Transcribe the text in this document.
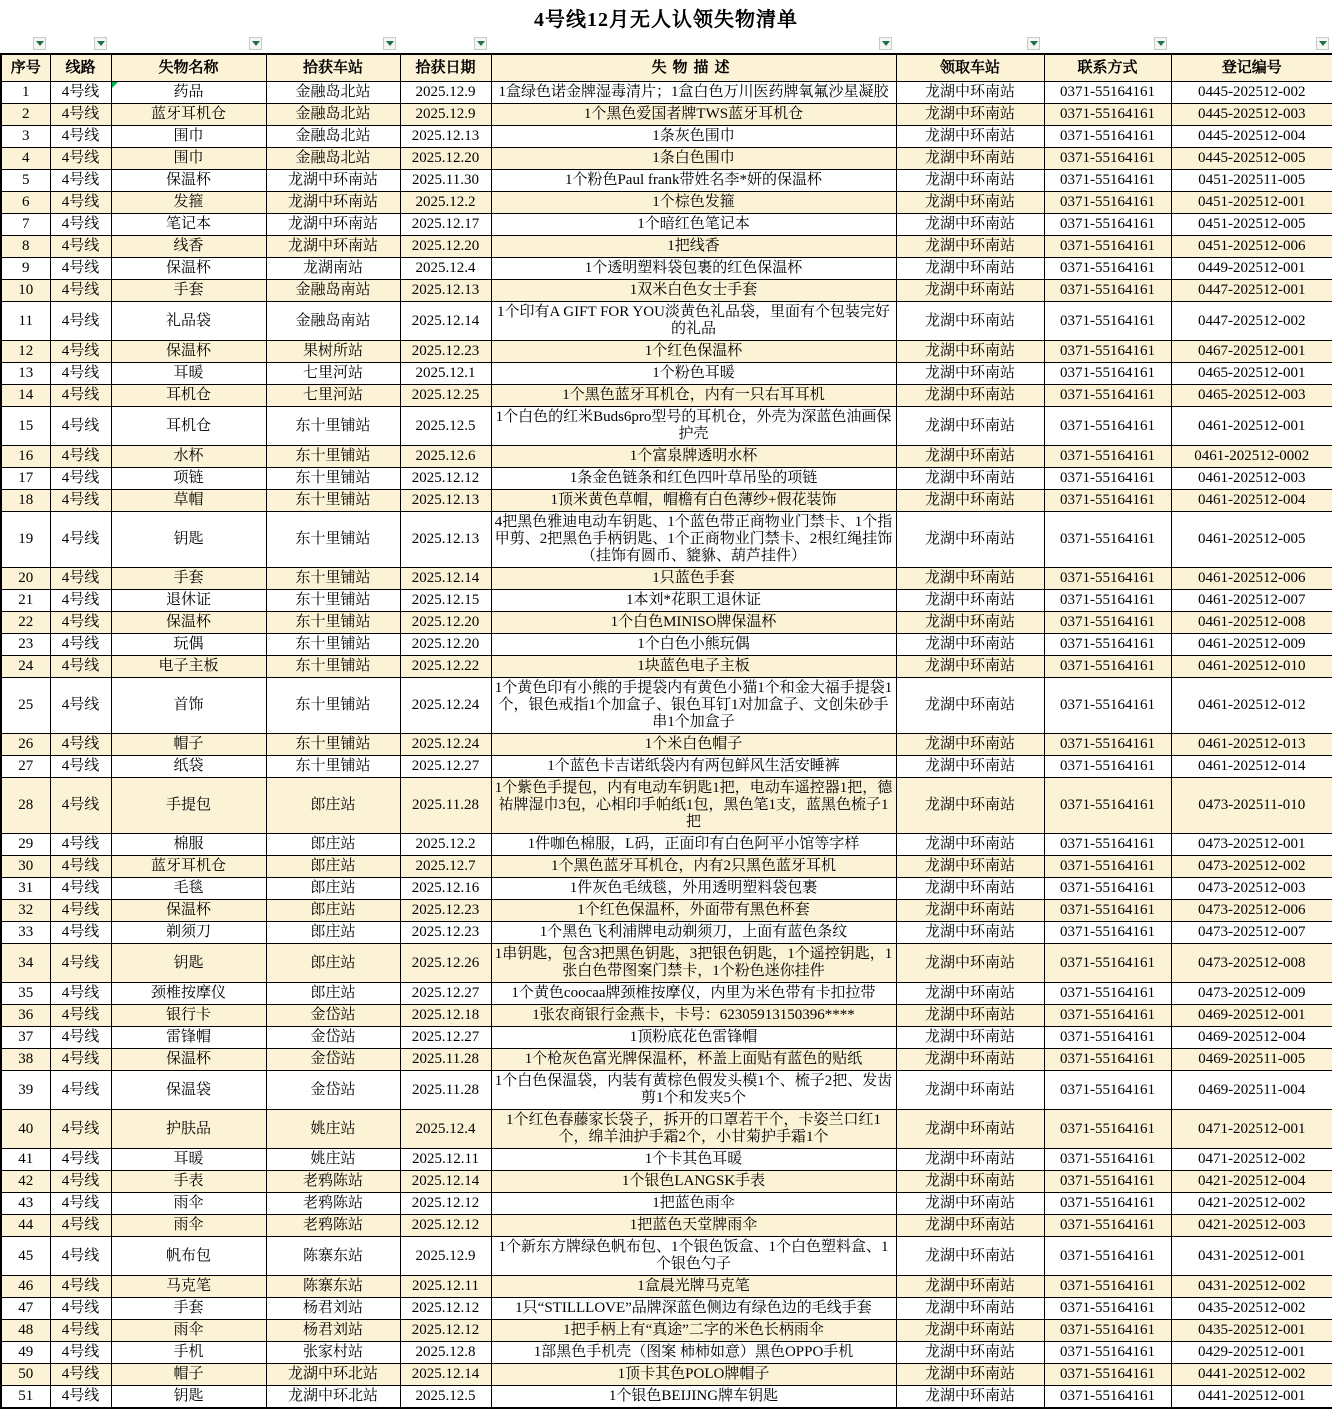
4号线12月无人认领失物清单
序号	线路	失物名称	拾获车站	拾获日期	失物描述	领取车站	联系方式	登记编号
1	4号线	药品	金融岛北站	2025.12.9	1盒绿色诺金牌湿毒清片；1盒白色万川医药牌氧氟沙星凝胶	龙湖中环南站	0371-55164161	0445-202512-002
2	4号线	蓝牙耳机仓	金融岛北站	2025.12.9	1个黑色爱国者牌TWS蓝牙耳机仓	龙湖中环南站	0371-55164161	0445-202512-003
3	4号线	围巾	金融岛北站	2025.12.13	1条灰色围巾	龙湖中环南站	0371-55164161	0445-202512-004
4	4号线	围巾	金融岛北站	2025.12.20	1条白色围巾	龙湖中环南站	0371-55164161	0445-202512-005
5	4号线	保温杯	龙湖中环南站	2025.11.30	1个粉色Paul frank带姓名李*妍的保温杯	龙湖中环南站	0371-55164161	0451-202511-005
6	4号线	发箍	龙湖中环南站	2025.12.2	1个棕色发箍	龙湖中环南站	0371-55164161	0451-202512-001
7	4号线	笔记本	龙湖中环南站	2025.12.17	1个暗红色笔记本	龙湖中环南站	0371-55164161	0451-202512-005
8	4号线	线香	龙湖中环南站	2025.12.20	1把线香	龙湖中环南站	0371-55164161	0451-202512-006
9	4号线	保温杯	龙湖南站	2025.12.4	1个透明塑料袋包裹的红色保温杯	龙湖中环南站	0371-55164161	0449-202512-001
10	4号线	手套	金融岛南站	2025.12.13	1双米白色女士手套	龙湖中环南站	0371-55164161	0447-202512-001
11	4号线	礼品袋	金融岛南站	2025.12.14	1个印有A GIFT FOR YOU淡黄色礼品袋，里面有个包装完好的礼品	龙湖中环南站	0371-55164161	0447-202512-002
12	4号线	保温杯	果树所站	2025.12.23	1个红色保温杯	龙湖中环南站	0371-55164161	0467-202512-001
13	4号线	耳暖	七里河站	2025.12.1	1个粉色耳暖	龙湖中环南站	0371-55164161	0465-202512-001
14	4号线	耳机仓	七里河站	2025.12.25	1个黑色蓝牙耳机仓，内有一只右耳耳机	龙湖中环南站	0371-55164161	0465-202512-003
15	4号线	耳机仓	东十里铺站	2025.12.5	1个白色的红米Buds6pro型号的耳机仓，外壳为深蓝色油画保护壳	龙湖中环南站	0371-55164161	0461-202512-001
16	4号线	水杯	东十里铺站	2025.12.6	1个富泉牌透明水杯	龙湖中环南站	0371-55164161	0461-202512-0002
17	4号线	项链	东十里铺站	2025.12.12	1条金色链条和红色四叶草吊坠的项链	龙湖中环南站	0371-55164161	0461-202512-003
18	4号线	草帽	东十里铺站	2025.12.13	1顶米黄色草帽，帽檐有白色薄纱+假花装饰	龙湖中环南站	0371-55164161	0461-202512-004
19	4号线	钥匙	东十里铺站	2025.12.13	4把黑色雅迪电动车钥匙、1个蓝色带正商物业门禁卡、1个指甲剪、2把黑色手柄钥匙、1个正商物业门禁卡、2根红绳挂饰（挂饰有圆币、貔貅、葫芦挂件）	龙湖中环南站	0371-55164161	0461-202512-005
20	4号线	手套	东十里铺站	2025.12.14	1只蓝色手套	龙湖中环南站	0371-55164161	0461-202512-006
21	4号线	退休证	东十里铺站	2025.12.15	1本刘*花职工退休证	龙湖中环南站	0371-55164161	0461-202512-007
22	4号线	保温杯	东十里铺站	2025.12.20	1个白色MINISO牌保温杯	龙湖中环南站	0371-55164161	0461-202512-008
23	4号线	玩偶	东十里铺站	2025.12.20	1个白色小熊玩偶	龙湖中环南站	0371-55164161	0461-202512-009
24	4号线	电子主板	东十里铺站	2025.12.22	1块蓝色电子主板	龙湖中环南站	0371-55164161	0461-202512-010
25	4号线	首饰	东十里铺站	2025.12.24	1个黄色印有小熊的手提袋内有黄色小猫1个和金大福手提袋1个，银色戒指1个加盒子、银色耳钉1对加盒子、文创朱砂手串1个加盒子	龙湖中环南站	0371-55164161	0461-202512-012
26	4号线	帽子	东十里铺站	2025.12.24	1个米白色帽子	龙湖中环南站	0371-55164161	0461-202512-013
27	4号线	纸袋	东十里铺站	2025.12.27	1个蓝色卡吉诺纸袋内有两包鲜风生活安睡裤	龙湖中环南站	0371-55164161	0461-202512-014
28	4号线	手提包	郎庄站	2025.11.28	1个紫色手提包，内有电动车钥匙1把，电动车遥控器1把，德祐牌湿巾3包，心相印手帕纸1包，黑色笔1支，蓝黑色梳子1把	龙湖中环南站	0371-55164161	0473-202511-010
29	4号线	棉服	郎庄站	2025.12.2	1件咖色棉服，L码，正面印有白色阿平小馆等字样	龙湖中环南站	0371-55164161	0473-202512-001
30	4号线	蓝牙耳机仓	郎庄站	2025.12.7	1个黑色蓝牙耳机仓，内有2只黑色蓝牙耳机	龙湖中环南站	0371-55164161	0473-202512-002
31	4号线	毛毯	郎庄站	2025.12.16	1件灰色毛绒毯，外用透明塑料袋包裹	龙湖中环南站	0371-55164161	0473-202512-003
32	4号线	保温杯	郎庄站	2025.12.23	1个红色保温杯，外面带有黑色杯套	龙湖中环南站	0371-55164161	0473-202512-006
33	4号线	剃须刀	郎庄站	2025.12.23	1个黑色飞利浦牌电动剃须刀，上面有蓝色条纹	龙湖中环南站	0371-55164161	0473-202512-007
34	4号线	钥匙	郎庄站	2025.12.26	1串钥匙，包含3把黑色钥匙，3把银色钥匙，1个遥控钥匙，1张白色带图案门禁卡，1个粉色迷你挂件	龙湖中环南站	0371-55164161	0473-202512-008
35	4号线	颈椎按摩仪	郎庄站	2025.12.27	1个黄色coocaa牌颈椎按摩仪，内里为米色带有卡扣拉带	龙湖中环南站	0371-55164161	0473-202512-009
36	4号线	银行卡	金岱站	2025.12.18	1张农商银行金燕卡，卡号：62305913150396****	龙湖中环南站	0371-55164161	0469-202512-001
37	4号线	雷锋帽	金岱站	2025.12.27	1顶粉底花色雷锋帽	龙湖中环南站	0371-55164161	0469-202512-004
38	4号线	保温杯	金岱站	2025.11.28	1个枪灰色富光牌保温杯，杯盖上面贴有蓝色的贴纸	龙湖中环南站	0371-55164161	0469-202511-005
39	4号线	保温袋	金岱站	2025.11.28	1个白色保温袋，内装有黄棕色假发头模1个、梳子2把、发齿剪1个和发夹5个	龙湖中环南站	0371-55164161	0469-202511-004
40	4号线	护肤品	姚庄站	2025.12.4	1个红色春藤家长袋子，拆开的口罩若干个，卡姿兰口红1个，绵羊油护手霜2个，小甘菊护手霜1个	龙湖中环南站	0371-55164161	0471-202512-001
41	4号线	耳暖	姚庄站	2025.12.11	1个卡其色耳暖	龙湖中环南站	0371-55164161	0471-202512-002
42	4号线	手表	老鸦陈站	2025.12.14	1个银色LANGSK手表	龙湖中环南站	0371-55164161	0421-202512-004
43	4号线	雨伞	老鸦陈站	2025.12.12	1把蓝色雨伞	龙湖中环南站	0371-55164161	0421-202512-002
44	4号线	雨伞	老鸦陈站	2025.12.12	1把蓝色天堂牌雨伞	龙湖中环南站	0371-55164161	0421-202512-003
45	4号线	帆布包	陈寨东站	2025.12.9	1个新东方牌绿色帆布包、1个银色饭盒、1个白色塑料盒、1个银色勺子	龙湖中环南站	0371-55164161	0431-202512-001
46	4号线	马克笔	陈寨东站	2025.12.11	1盒晨光牌马克笔	龙湖中环南站	0371-55164161	0431-202512-002
47	4号线	手套	杨君刘站	2025.12.12	1只“STILLLOVE”品牌深蓝色侧边有绿色边的毛线手套	龙湖中环南站	0371-55164161	0435-202512-002
48	4号线	雨伞	杨君刘站	2025.12.12	1把手柄上有“真途”二字的米色长柄雨伞	龙湖中环南站	0371-55164161	0435-202512-001
49	4号线	手机	张家村站	2025.12.8	1部黑色手机壳（图案 柿柿如意）黑色OPPO手机	龙湖中环南站	0371-55164161	0429-202512-001
50	4号线	帽子	龙湖中环北站	2025.12.14	1顶卡其色POLO牌帽子	龙湖中环南站	0371-55164161	0441-202512-002
51	4号线	钥匙	龙湖中环北站	2025.12.5	1个银色BEIJING牌车钥匙	龙湖中环南站	0371-55164161	0441-202512-001
